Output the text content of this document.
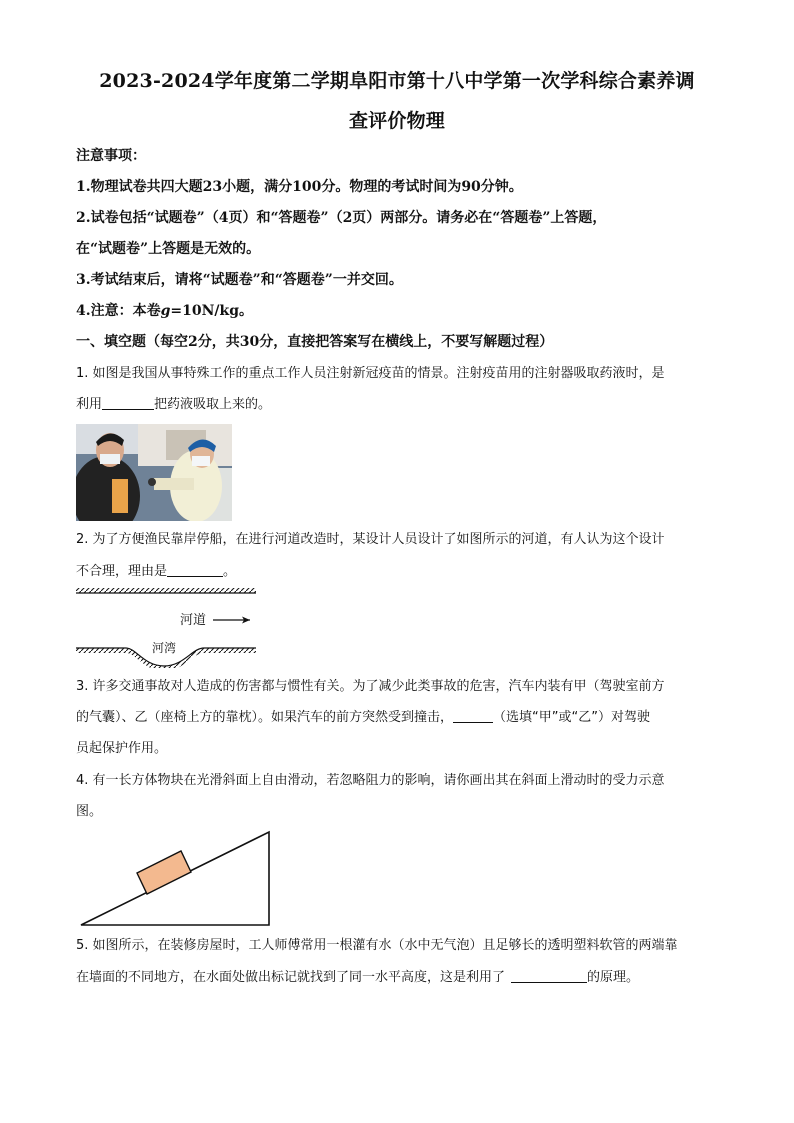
2023-2024学年度第二学期阜阳市第十八中学第一次学科综合素养调
查评价物理
注意事项：
1.物理试卷共四大题23小题，满分100分。物理的考试时间为90分钟。
2.试卷包括“试题卷”（4页）和“答题卷”（2页）两部分。请务必在“答题卷”上答题，
在“试题卷”上答题是无效的。
3.考试结束后，请将“试题卷”和“答题卷”一并交回。
4.注意：本卷g=10N/kg。
一、填空题（每空2分，共30分，直接把答案写在横线上，不要写解题过程）
1. 如图是我国从事特殊工作的重点工作人员注射新冠疫苗的情景。注射疫苗用的注射器吸取药液时，是
利用	把药液吸取上来的。
2. 为了方便渔民靠岸停船，在进行河道改造时，某设计人员设计了如图所示的河道，有人认为这个设计
不合理，理由是	。
河道
河湾
3. 许多交通事故对人造成的伤害都与惯性有关。为了减少此类事故的危害，汽车内装有甲（驾驶室前方
的气囊）、乙（座椅上方的靠枕）。如果汽车的前方突然受到撞击，	（选填“甲”或“乙”）对驾驶
员起保护作用。
4. 有一长方体物块在光滑斜面上自由滑动，若忽略阻力的影响，请你画出其在斜面上滑动时的受力示意
图。
5. 如图所示，在装修房屋时，工人师傅常用一根灌有水（水中无气泡）且足够长的透明塑料软管的两端靠
在墙面的不同地方，在水面处做出标记就找到了同一水平高度，这是利用了	的原理。
